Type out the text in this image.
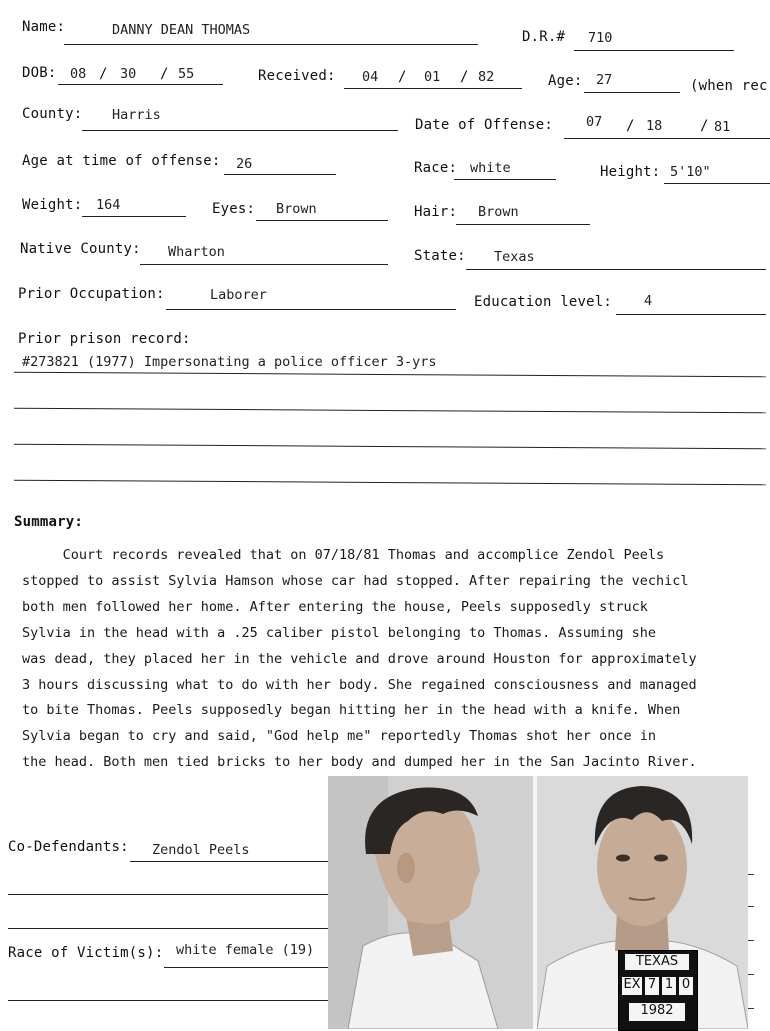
Name:	DANNY DEAN THOMAS	D.R.# 710
DOB: 08 / 30 / 55	Received: 04 / 01 / 82	Age: 27	(when rec
County: Harris
Date of Offense: 07 / 18	/ 81
Age at time of offense: 26	Race: white	Height: 5'10"
Weight: 164	Eyes: Brown	Hair: Brown
Native County: Wharton	State: Texas
Prior Occupation:	Laborer	Education level: 4
Prior prison record:
#273821 (1977) Impersonating a police officer 3-yrs
Summary:
Court records revealed that on 07/18/81 Thomas and accomplice Zendol Peels
stopped to assist Sylvia Hamson whose car had stopped. After repairing the vechicl
both men followed her home. After entering the house, Peels supposedly struck
Sylvia in the head with a .25 caliber pistol belonging to Thomas. Assuming she
was dead, they placed her in the vehicle and drove around Houston for approximately
3 hours discussing what to do with her body. She regained consciousness and managed
to bite Thomas. Peels supposedly began hitting her in the head with a knife. When
Sylvia began to cry and said, "God help me" reportedly Thomas shot her once in
the head. Both men tied bricks to her body and dumped her in the San Jacinto River.
Co-Defendants: Zendol Peels
Race of Victim(s): white female (19)
TEXAS
EX 7 1 0
1982
